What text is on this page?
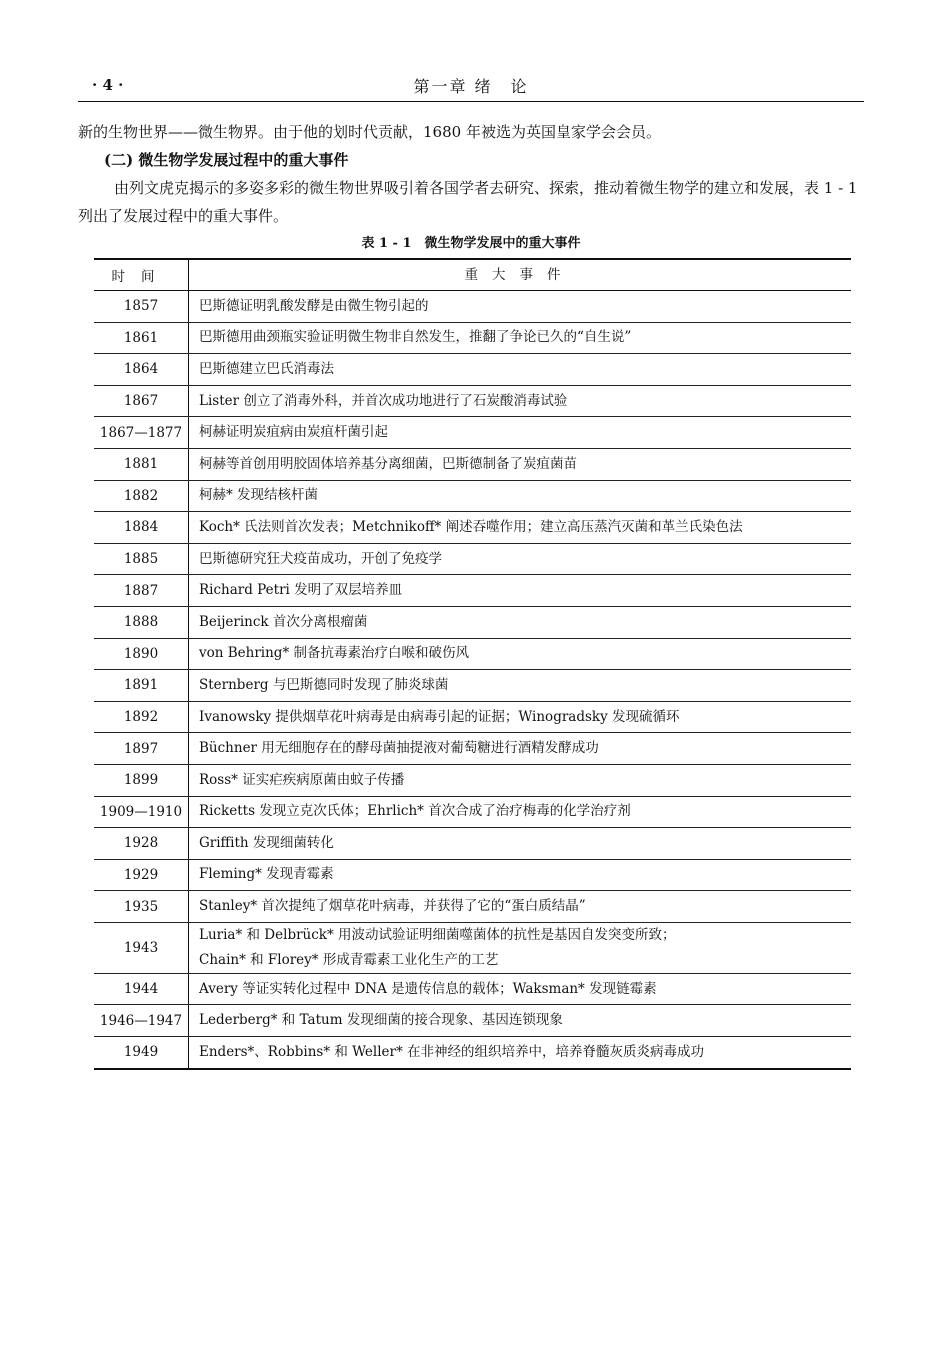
· 4 ·	第一章 绪　论
新的生物世界——微生物界。由于他的划时代贡献，1680 年被选为英国皇家学会会员。
(二) 微生物学发展过程中的重大事件
由列文虎克揭示的多姿多彩的微生物世界吸引着各国学者去研究、探索，推动着微生物学的建立和发展，表 1 - 1 列出了发展过程中的重大事件。
表 1 - 1　微生物学发展中的重大事件
时间	重大事件
1857	巴斯德证明乳酸发酵是由微生物引起的

1861	巴斯德用曲颈瓶实验证明微生物非自然发生，推翻了争论已久的“自生说”

1864	巴斯德建立巴氏消毒法

1867	Lister 创立了消毒外科，并首次成功地进行了石炭酸消毒试验

1867—1877	柯赫证明炭疽病由炭疽杆菌引起

1881	柯赫等首创用明胶固体培养基分离细菌，巴斯德制备了炭疽菌苗

1882	柯赫* 发现结核杆菌

1884	Koch* 氏法则首次发表；Metchnikoff* 阐述吞噬作用；建立高压蒸汽灭菌和革兰氏染色法

1885	巴斯德研究狂犬疫苗成功，开创了免疫学

1887	Richard Petri 发明了双层培养皿

1888	Beijerinck 首次分离根瘤菌

1890	von Behring* 制备抗毒素治疗白喉和破伤风

1891	Sternberg 与巴斯德同时发现了肺炎球菌

1892	Ivanowsky 提供烟草花叶病毒是由病毒引起的证据；Winogradsky 发现硫循环

1897	Büchner 用无细胞存在的酵母菌抽提液对葡萄糖进行酒精发酵成功

1899	Ross* 证实疟疾病原菌由蚊子传播

1909—1910	Ricketts 发现立克次氏体；Ehrlich* 首次合成了治疗梅毒的化学治疗剂

1928	Griffith 发现细菌转化

1929	Fleming* 发现青霉素

1935	Stanley* 首次提纯了烟草花叶病毒，并获得了它的“蛋白质结晶”

1943	Luria* 和 Delbrück* 用波动试验证明细菌噬菌体的抗性是基因自发突变所致；
Chain* 和 Florey* 形成青霉素工业化生产的工艺

1944	Avery 等证实转化过程中 DNA 是遗传信息的载体；Waksman* 发现链霉素

1946—1947	Lederberg* 和 Tatum 发现细菌的接合现象、基因连锁现象

1949	Enders*、Robbins* 和 Weller* 在非神经的组织培养中，培养脊髓灰质炎病毒成功
